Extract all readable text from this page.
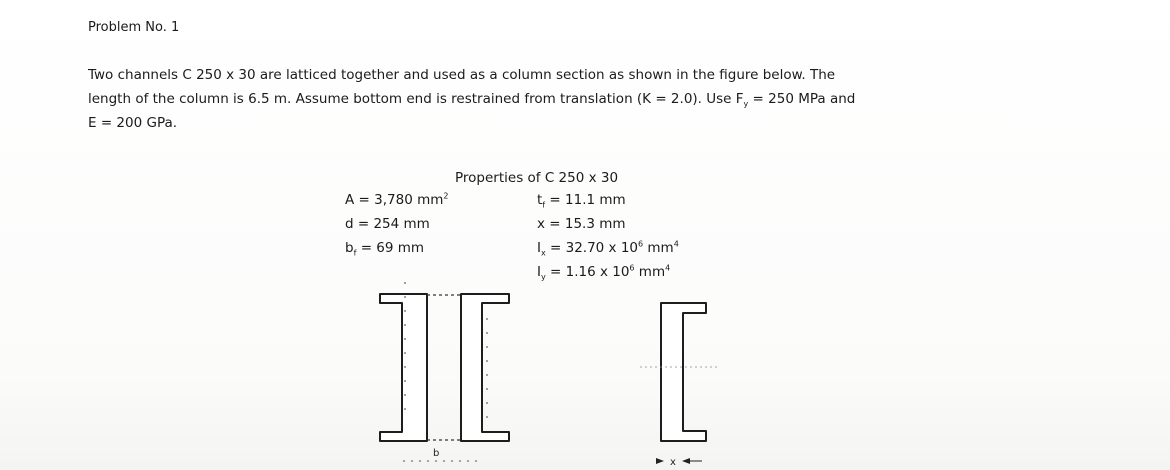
Problem No. 1
Two channels C 250 x 30 are latticed together and used as a column section as shown in the figure below. The
length of the column is 6.5 m. Assume bottom end is restrained from translation (K = 2.0). Use $F_y = 250$ MPa and
E = 200 GPa.
Properties of C 250 x 30
A = 3,780 $mm^2$
d = 254 mm
$b_f = 69$ mm
$t_f = 11.1$ mm
x = 15.3 mm
$I_x = 32.70$ x $10^6$ $mm^4$
$I_y = 1.16$ x $10^6$ $mm^4$
b
x
